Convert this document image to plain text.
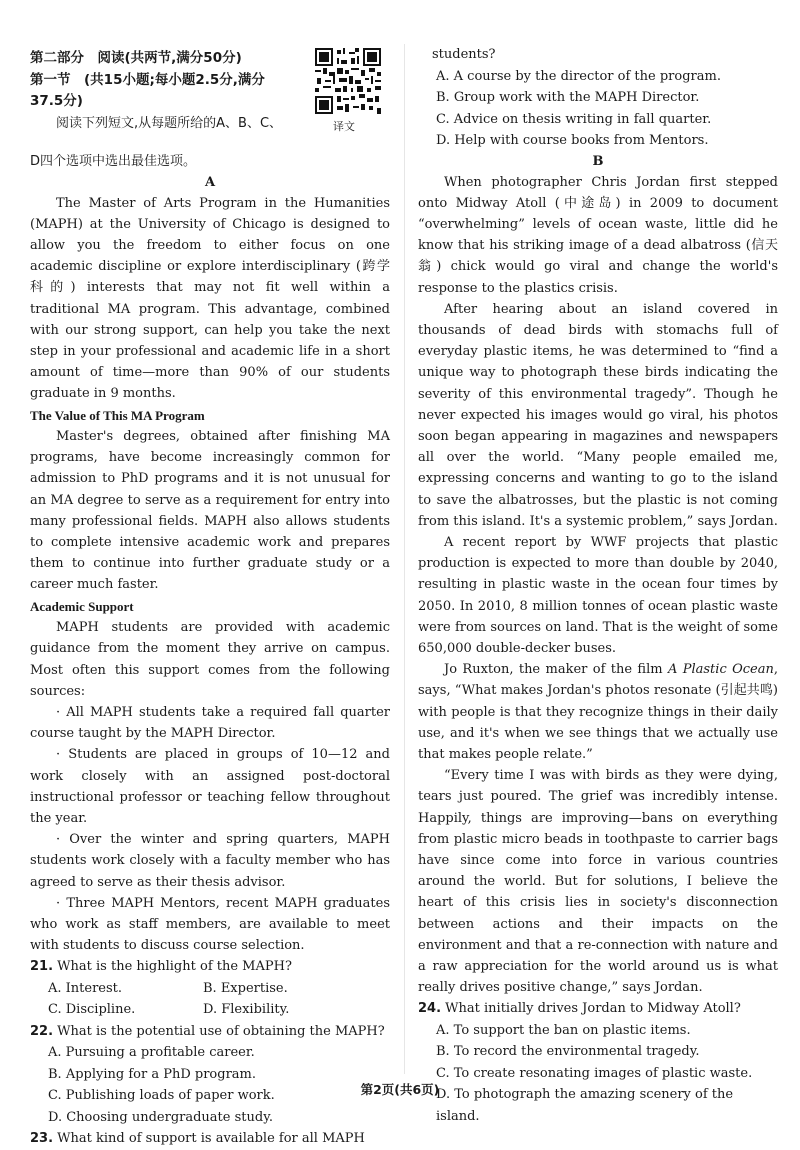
第二部分　阅读(共两节,满分50分)

第一节　(共15小题;每小题2.5分,满分

37.5分)

阅读下列短文,从每题所给的A、B、C、	译文

D四个选项中选出最佳选项。

A

The Master of Arts Program in the Humanities (MAPH) at the University of Chicago is designed to allow you the freedom to either focus on one academic discipline or explore interdisciplinary (跨学科的) interests that may not fit well within a traditional MA program. This advantage, combined with our strong support, can help you take the next step in your professional and academic life in a short amount of time—more than 90% of our students graduate in 9 months.

The Value of This MA Program

Master's degrees, obtained after finishing MA programs, have become increasingly common for admission to PhD programs and it is not unusual for an MA degree to serve as a requirement for entry into many professional fields. MAPH also allows students to complete intensive academic work and prepares them to continue into further graduate study or a career much faster.

Academic Support

MAPH students are provided with academic guidance from the moment they arrive on campus. Most often this support comes from the following sources:

· All MAPH students take a required fall quarter course taught by the MAPH Director.

· Students are placed in groups of 10—12 and work closely with an assigned post-doctoral instructional professor or teaching fellow throughout the year.

· Over the winter and spring quarters, MAPH students work closely with a faculty member who has agreed to serve as their thesis advisor.

· Three MAPH Mentors, recent MAPH graduates who work as staff members, are available to meet with students to discuss course selection.

21. What is the highlight of the MAPH?

A. Interest.	B. Expertise.
C. Discipline.	D. Flexibility.

22. What is the potential use of obtaining the MAPH?

A. Pursuing a profitable career.

B. Applying for a PhD program.

C. Publishing loads of paper work.

D. Choosing undergraduate study.

23. What kind of support is available for all MAPH

students?

A. A course by the director of the program.

B. Group work with the MAPH Director.

C. Advice on thesis writing in fall quarter.

D. Help with course books from Mentors.

B

When photographer Chris Jordan first stepped onto Midway Atoll (中途岛) in 2009 to document “overwhelming” levels of ocean waste, little did he know that his striking image of a dead albatross (信天翁) chick would go viral and change the world's response to the plastics crisis.

After hearing about an island covered in thousands of dead birds with stomachs full of everyday plastic items, he was determined to “find a unique way to photograph these birds indicating the severity of this environmental tragedy”. Though he never expected his images would go viral, his photos soon began appearing in magazines and newspapers all over the world. “Many people emailed me, expressing concerns and wanting to go to the island to save the albatrosses, but the plastic is not coming from this island. It's a systemic problem,” says Jordan.

A recent report by WWF projects that plastic production is expected to more than double by 2040, resulting in plastic waste in the ocean four times by 2050. In 2010, 8 million tonnes of ocean plastic waste were from sources on land. That is the weight of some 650,000 double-decker buses.

Jo Ruxton, the maker of the film A Plastic Ocean, says, “What makes Jordan's photos resonate (引起共鸣) with people is that they recognize things in their daily use, and it's when we see things that we actually use that makes people relate.”

“Every time I was with birds as they were dying, tears just poured. The grief was incredibly intense. Happily, things are improving—bans on everything from plastic micro beads in toothpaste to carrier bags have since come into force in various countries around the world. But for solutions, I believe the heart of this crisis lies in society's disconnection between actions and their impacts on the environment and that a re-connection with nature and a raw appreciation for the world around us is what really drives positive change,” says Jordan.

24. What initially drives Jordan to Midway Atoll?

A. To support the ban on plastic items.

B. To record the environmental tragedy.

C. To create resonating images of plastic waste.

D. To photograph the amazing scenery of the island.

第2页(共6页)
